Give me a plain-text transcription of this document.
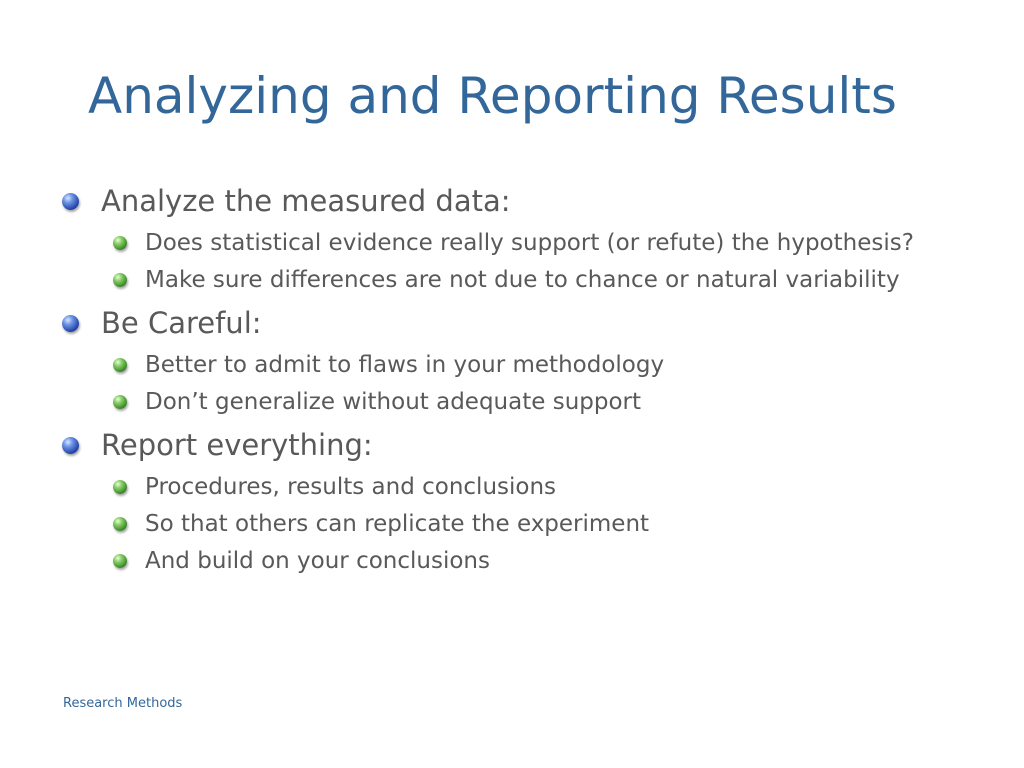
Analyzing and Reporting Results
Analyze the measured data:
Does statistical evidence really support (or refute) the hypothesis?
Make sure differences are not due to chance or natural variability
Be Careful:
Better to admit to flaws in your methodology
Don’t generalize without adequate support
Report everything:
Procedures, results and conclusions
So that others can replicate the experiment
And build on your conclusions
Research Methods
